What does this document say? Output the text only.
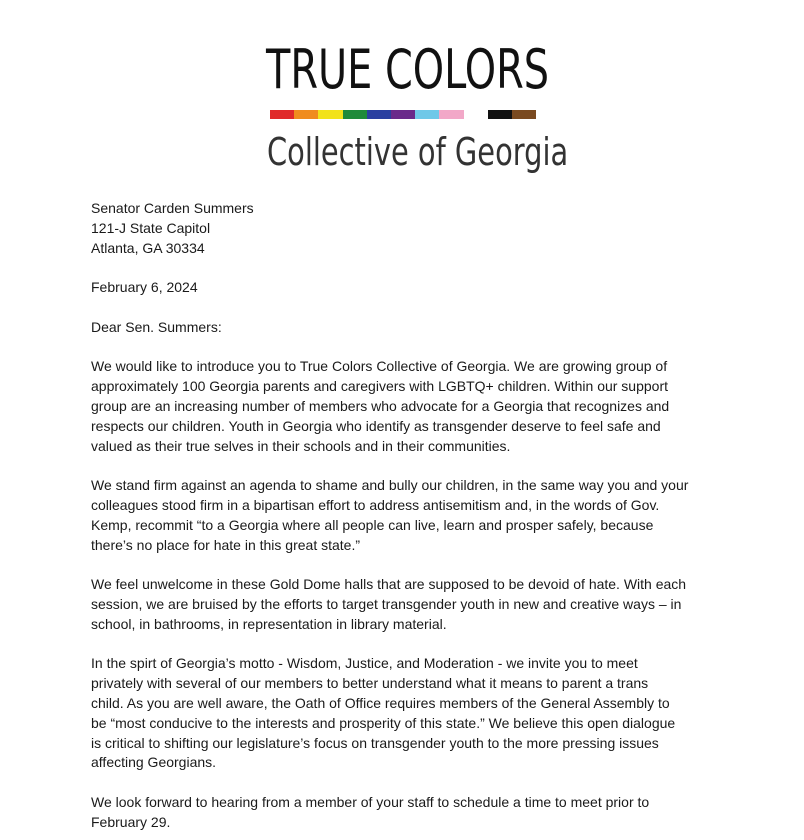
TRUE COLORS
Collective of Georgia
Senator Carden Summers
121-J State Capitol
Atlanta, GA 30334
February 6, 2024
Dear Sen. Summers:
We would like to introduce you to True Colors Collective of Georgia. We are growing group of
approximately 100 Georgia parents and caregivers with LGBTQ+ children. Within our support
group are an increasing number of members who advocate for a Georgia that recognizes and
respects our children. Youth in Georgia who identify as transgender deserve to feel safe and
valued as their true selves in their schools and in their communities.
We stand firm against an agenda to shame and bully our children, in the same way you and your
colleagues stood firm in a bipartisan effort to address antisemitism and, in the words of Gov.
Kemp, recommit “to a Georgia where all people can live, learn and prosper safely, because
there’s no place for hate in this great state.”
We feel unwelcome in these Gold Dome halls that are supposed to be devoid of hate. With each
session, we are bruised by the efforts to target transgender youth in new and creative ways – in
school, in bathrooms, in representation in library material.
In the spirt of Georgia’s motto - Wisdom, Justice, and Moderation - we invite you to meet
privately with several of our members to better understand what it means to parent a trans
child. As you are well aware, the Oath of Office requires members of the General Assembly to
be “most conducive to the interests and prosperity of this state.” We believe this open dialogue
is critical to shifting our legislature’s focus on transgender youth to the more pressing issues
affecting Georgians.
We look forward to hearing from a member of your staff to schedule a time to meet prior to
February 29.
